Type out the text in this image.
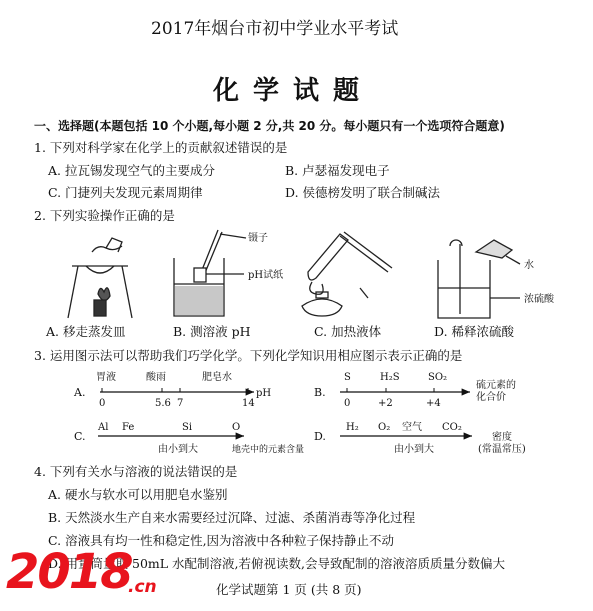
2017年烟台市初中学业水平考试
化学试题
一、选择题(本题包括 10 个小题,每小题 2 分,共 20 分。每小题只有一个选项符合题意)
1. 下列对科学家在化学上的贡献叙述错误的是
A. 拉瓦锡发现空气的主要成分	B. 卢瑟福发现电子
C. 门捷列夫发现元素周期律	D. 侯德榜发明了联合制碱法
2. 下列实验操作正确的是
镊子
pH试纸
水
浓硫酸
A. 移走蒸发皿	B. 测溶液 pH	C. 加热液体	D. 稀释浓硫酸
3. 运用图示法可以帮助我们巧学化学。下列化学知识用相应图示表示正确的是
A.
胃液	酸雨	肥皂水
0	5.6 7	14
pH	B.
S	H₂S	SO₂
0	+2	+4
硫元素的
化合价
C.
Al Fe	Si	O
由小到大	地壳中的元素含量
D.
H₂ O₂ 空气 CO₂
由小到大
密度
(常温常压)
4. 下列有关水与溶液的说法错误的是
A. 硬水与软水可以用肥皂水鉴别
B. 天然淡水生产自来水需要经过沉降、过滤、杀菌消毒等净化过程
C. 溶液具有均一性和稳定性,因为溶液中各种粒子保持静止不动
D. 用量筒量取 50mL 水配制溶液,若俯视读数,会导致配制的溶液溶质质量分数偏大
化学试题第 1 页 (共 8 页)
2018
.cn
